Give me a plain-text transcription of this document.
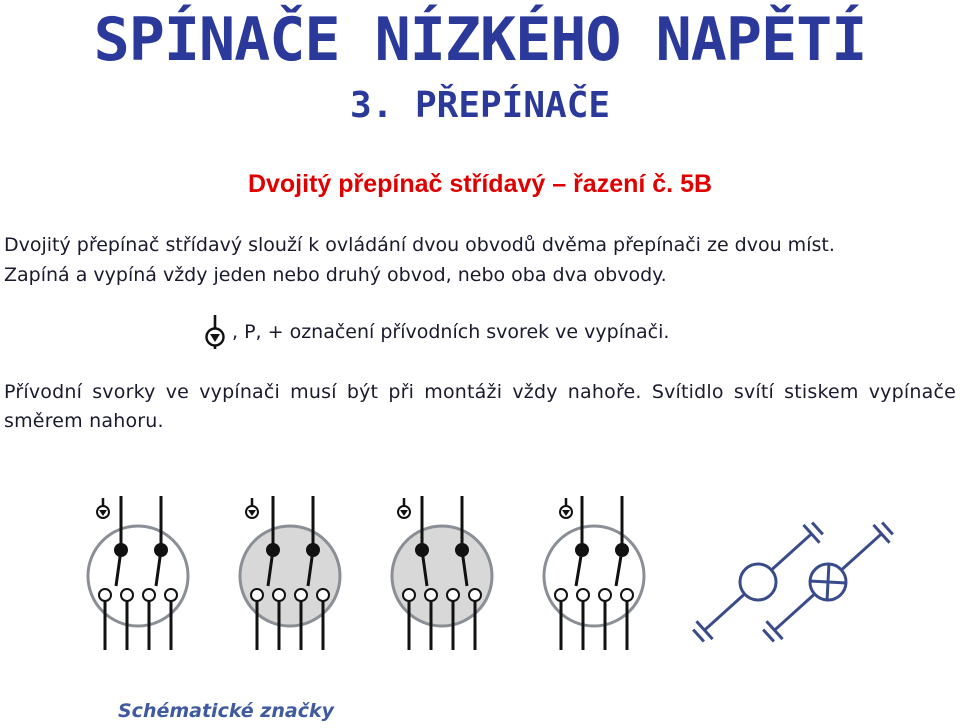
SPÍNAČE NÍZKÉHO NAPĚTÍ
3. PŘEPÍNAČE
Dvojitý přepínač střídavý – řazení č. 5B
Dvojitý přepínač střídavý slouží k ovládání dvou obvodů dvěma přepínači ze dvou míst.
Zapíná a vypíná vždy jeden nebo druhý obvod, nebo oba dva obvody.
, P, + označení přívodních svorek ve vypínači.
Přívodní svorky ve vypínači musí být při montáži vždy nahoře. Svítidlo svítí stiskem vypínače směrem nahoru.
Schématické značky
